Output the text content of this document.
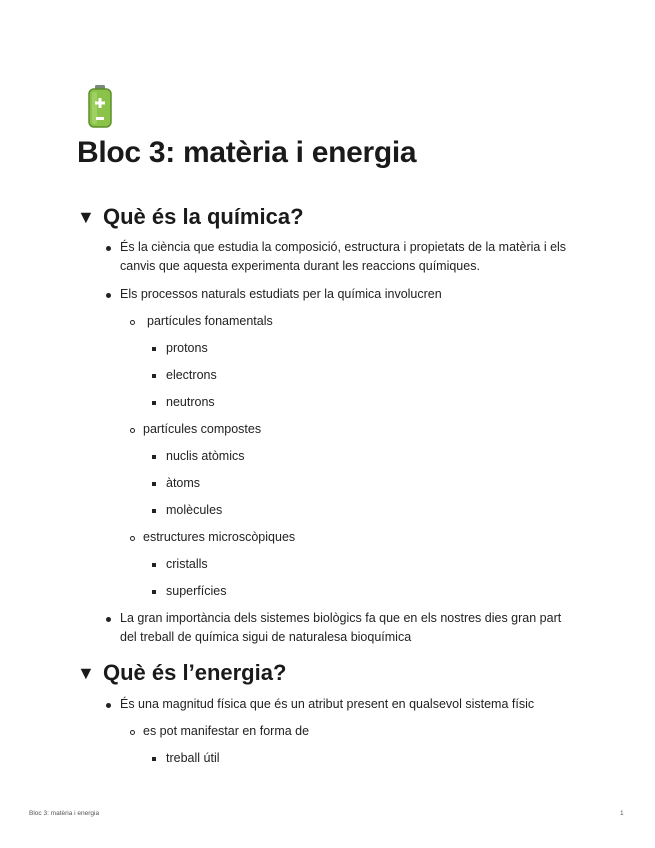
Bloc 3: matèria i energia
▼ Què és la química?
És la ciència que estudia la composició, estructura i propietats de la matèria i els
canvis que aquesta experimenta durant les reaccions químiques.
Els processos naturals estudiats per la química involucren
partícules fonamentals
protons
electrons
neutrons
partícules compostes
nuclis atòmics
àtoms
molècules
estructures microscòpiques
cristalls
superfícies
La gran importància dels sistemes biològics fa que en els nostres dies gran part
del treball de química sigui de naturalesa bioquímica
▼ Què és l’energia?
És una magnitud física que és un atribut present en qualsevol sistema físic
es pot manifestar en forma de
treball útil
Bloc 3: matèria i energia	1
